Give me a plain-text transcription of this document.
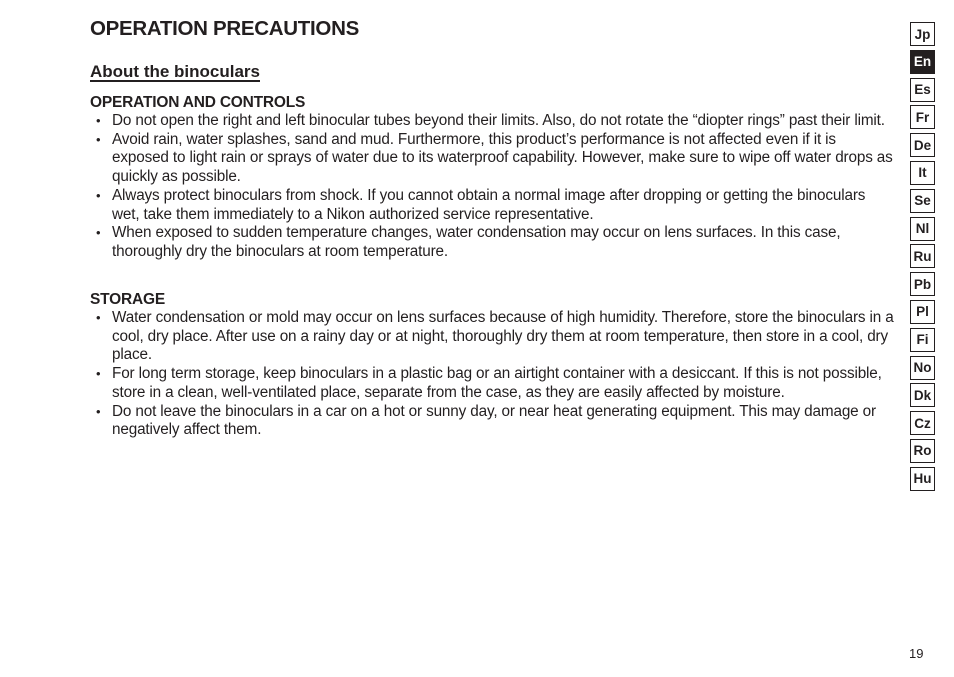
OPERATION PRECAUTIONS
About the binoculars
OPERATION AND CONTROLS
• Do not open the right and left binocular tubes beyond their limits. Also, do not rotate the “diopter rings” past their limit.
• Avoid rain, water splashes, sand and mud. Furthermore, this product’s performance is not affected even if it is exposed to light rain or sprays of water due to its waterproof capability. However, make sure to wipe off water drops as quickly as possible.
• Always protect binoculars from shock. If you cannot obtain a normal image after dropping or getting the binoculars wet, take them immediately to a Nikon authorized service representative.
• When exposed to sudden temperature changes, water condensation may occur on lens surfaces. In this case, thoroughly dry the binoculars at room temperature.
STORAGE
• Water condensation or mold may occur on lens surfaces because of high humidity. Therefore, store the binoculars in a cool, dry place. After use on a rainy day or at night, thoroughly dry them at room temperature, then store in a cool, dry place.
• For long term storage, keep binoculars in a plastic bag or an airtight container with a desiccant. If this is not possible, store in a clean, well-ventilated place, separate from the case, as they are easily affected by moisture.
• Do not leave the binoculars in a car on a hot or sunny day, or near heat generating equipment. This may damage or negatively affect them.
Jp
En
Es
Fr
De
It
Se
Nl
Ru
Pb
Pl
Fi
No
Dk
Cz
Ro
Hu
19
